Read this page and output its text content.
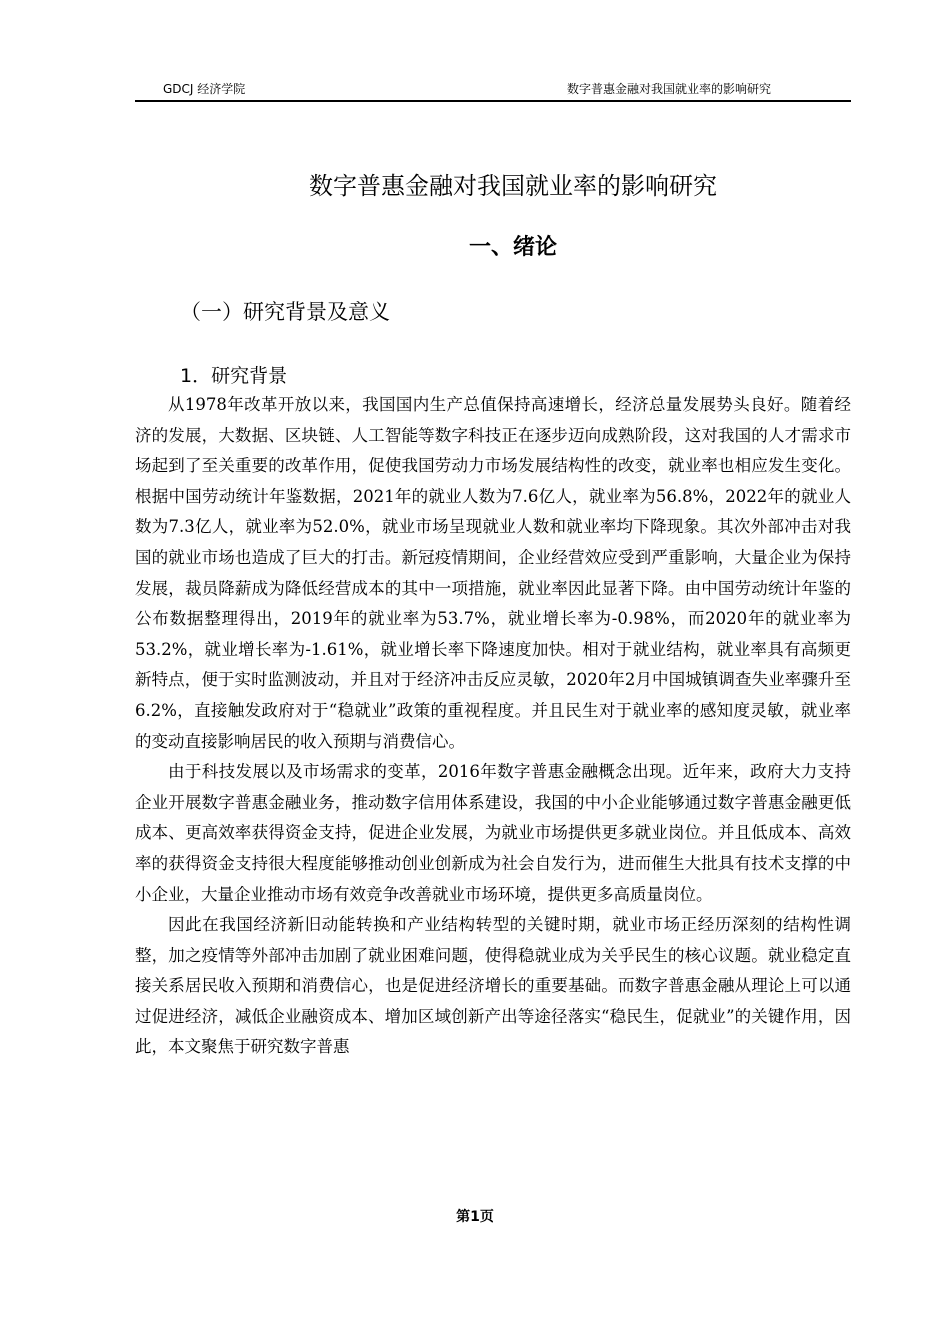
GDCJ 经济学院	数字普惠金融对我国就业率的影响研究
数字普惠金融对我国就业率的影响研究
一、绪论
（一）研究背景及意义
1．研究背景

从1978年改革开放以来，我国国内生产总值保持高速增长，经济总量发展势头良好。随着经济的发展，大数据、区块链、人工智能等数字科技正在逐步迈向成熟阶段，这对我国的人才需求市场起到了至关重要的改革作用，促使我国劳动力市场发展结构性的改变，就业率也相应发生变化。根据中国劳动统计年鉴数据，2021年的就业人数为7.6亿人，就业率为56.8%，2022年的就业人数为7.3亿人，就业率为52.0%，就业市场呈现就业人数和就业率均下降现象。其次外部冲击对我国的就业市场也造成了巨大的打击。新冠疫情期间，企业经营效应受到严重影响，大量企业为保持发展，裁员降薪成为降低经营成本的其中一项措施，就业率因此显著下降。由中国劳动统计年鉴的公布数据整理得出，2019年的就业率为53.7%，就业增长率为-0.98%，而2020年的就业率为53.2%，就业增长率为-1.61%，就业增长率下降速度加快。相对于就业结构，就业率具有高频更新特点，便于实时监测波动，并且对于经济冲击反应灵敏，2020年2月中国城镇调查失业率骤升至6.2%，直接触发政府对于“稳就业”政策的重视程度。并且民生对于就业率的感知度灵敏，就业率的变动直接影响居民的收入预期与消费信心。

由于科技发展以及市场需求的变革，2016年数字普惠金融概念出现。近年来，政府大力支持企业开展数字普惠金融业务，推动数字信用体系建设，我国的中小企业能够通过数字普惠金融更低成本、更高效率获得资金支持，促进企业发展，为就业市场提供更多就业岗位。并且低成本、高效率的获得资金支持很大程度能够推动创业创新成为社会自发行为，进而催生大批具有技术支撑的中小企业，大量企业推动市场有效竞争改善就业市场环境，提供更多高质量岗位。

因此在我国经济新旧动能转换和产业结构转型的关键时期，就业市场正经历深刻的结构性调整，加之疫情等外部冲击加剧了就业困难问题，使得稳就业成为关乎民生的核心议题。就业稳定直接关系居民收入预期和消费信心，也是促进经济增长的重要基础。而数字普惠金融从理论上可以通过促进经济，减低企业融资成本、增加区域创新产出等途径落实“稳民生，促就业”的关键作用，因此，本文聚焦于研究数字普惠

第1页
